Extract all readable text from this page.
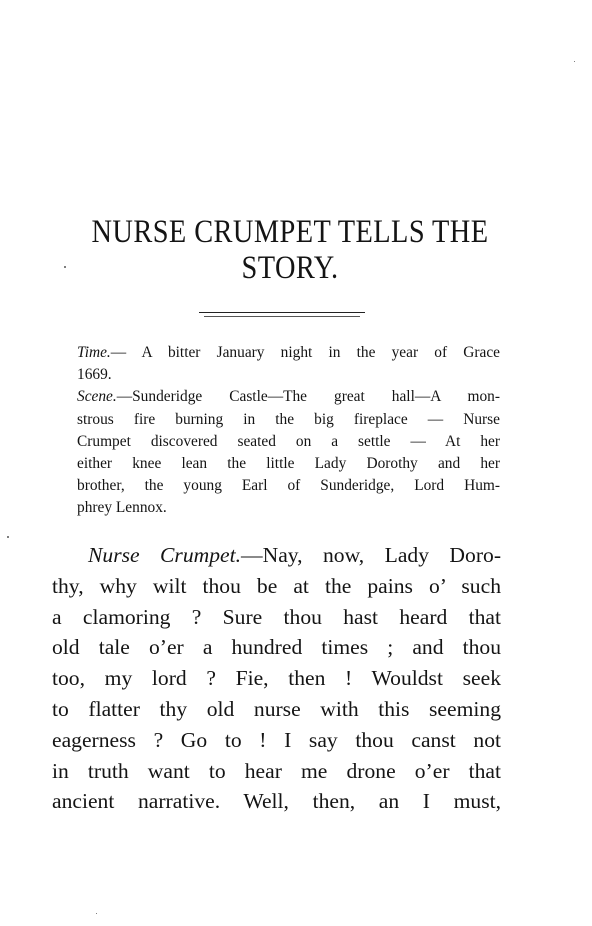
NURSE CRUMPET TELLS THE
STORY.

Time.— A bitter January night in the year of Grace
1669.

Scene.—Sunderidge Castle—The great hall—A mon-
strous fire burning in the big fireplace — Nurse
Crumpet discovered seated on a settle — At her
either knee lean the little Lady Dorothy and her
brother, the young Earl of Sunderidge, Lord Hum-
phrey Lennox.

Nurse Crumpet.—Nay, now, Lady Doro-
thy, why wilt thou be at the pains o’ such
a clamoring ? Sure thou hast heard that
old tale o’er a hundred times ; and thou
too, my lord ? Fie, then ! Wouldst seek
to flatter thy old nurse with this seeming
eagerness ? Go to ! I say thou canst not
in truth want to hear me drone o’er that
ancient narrative. Well, then, an I must,
